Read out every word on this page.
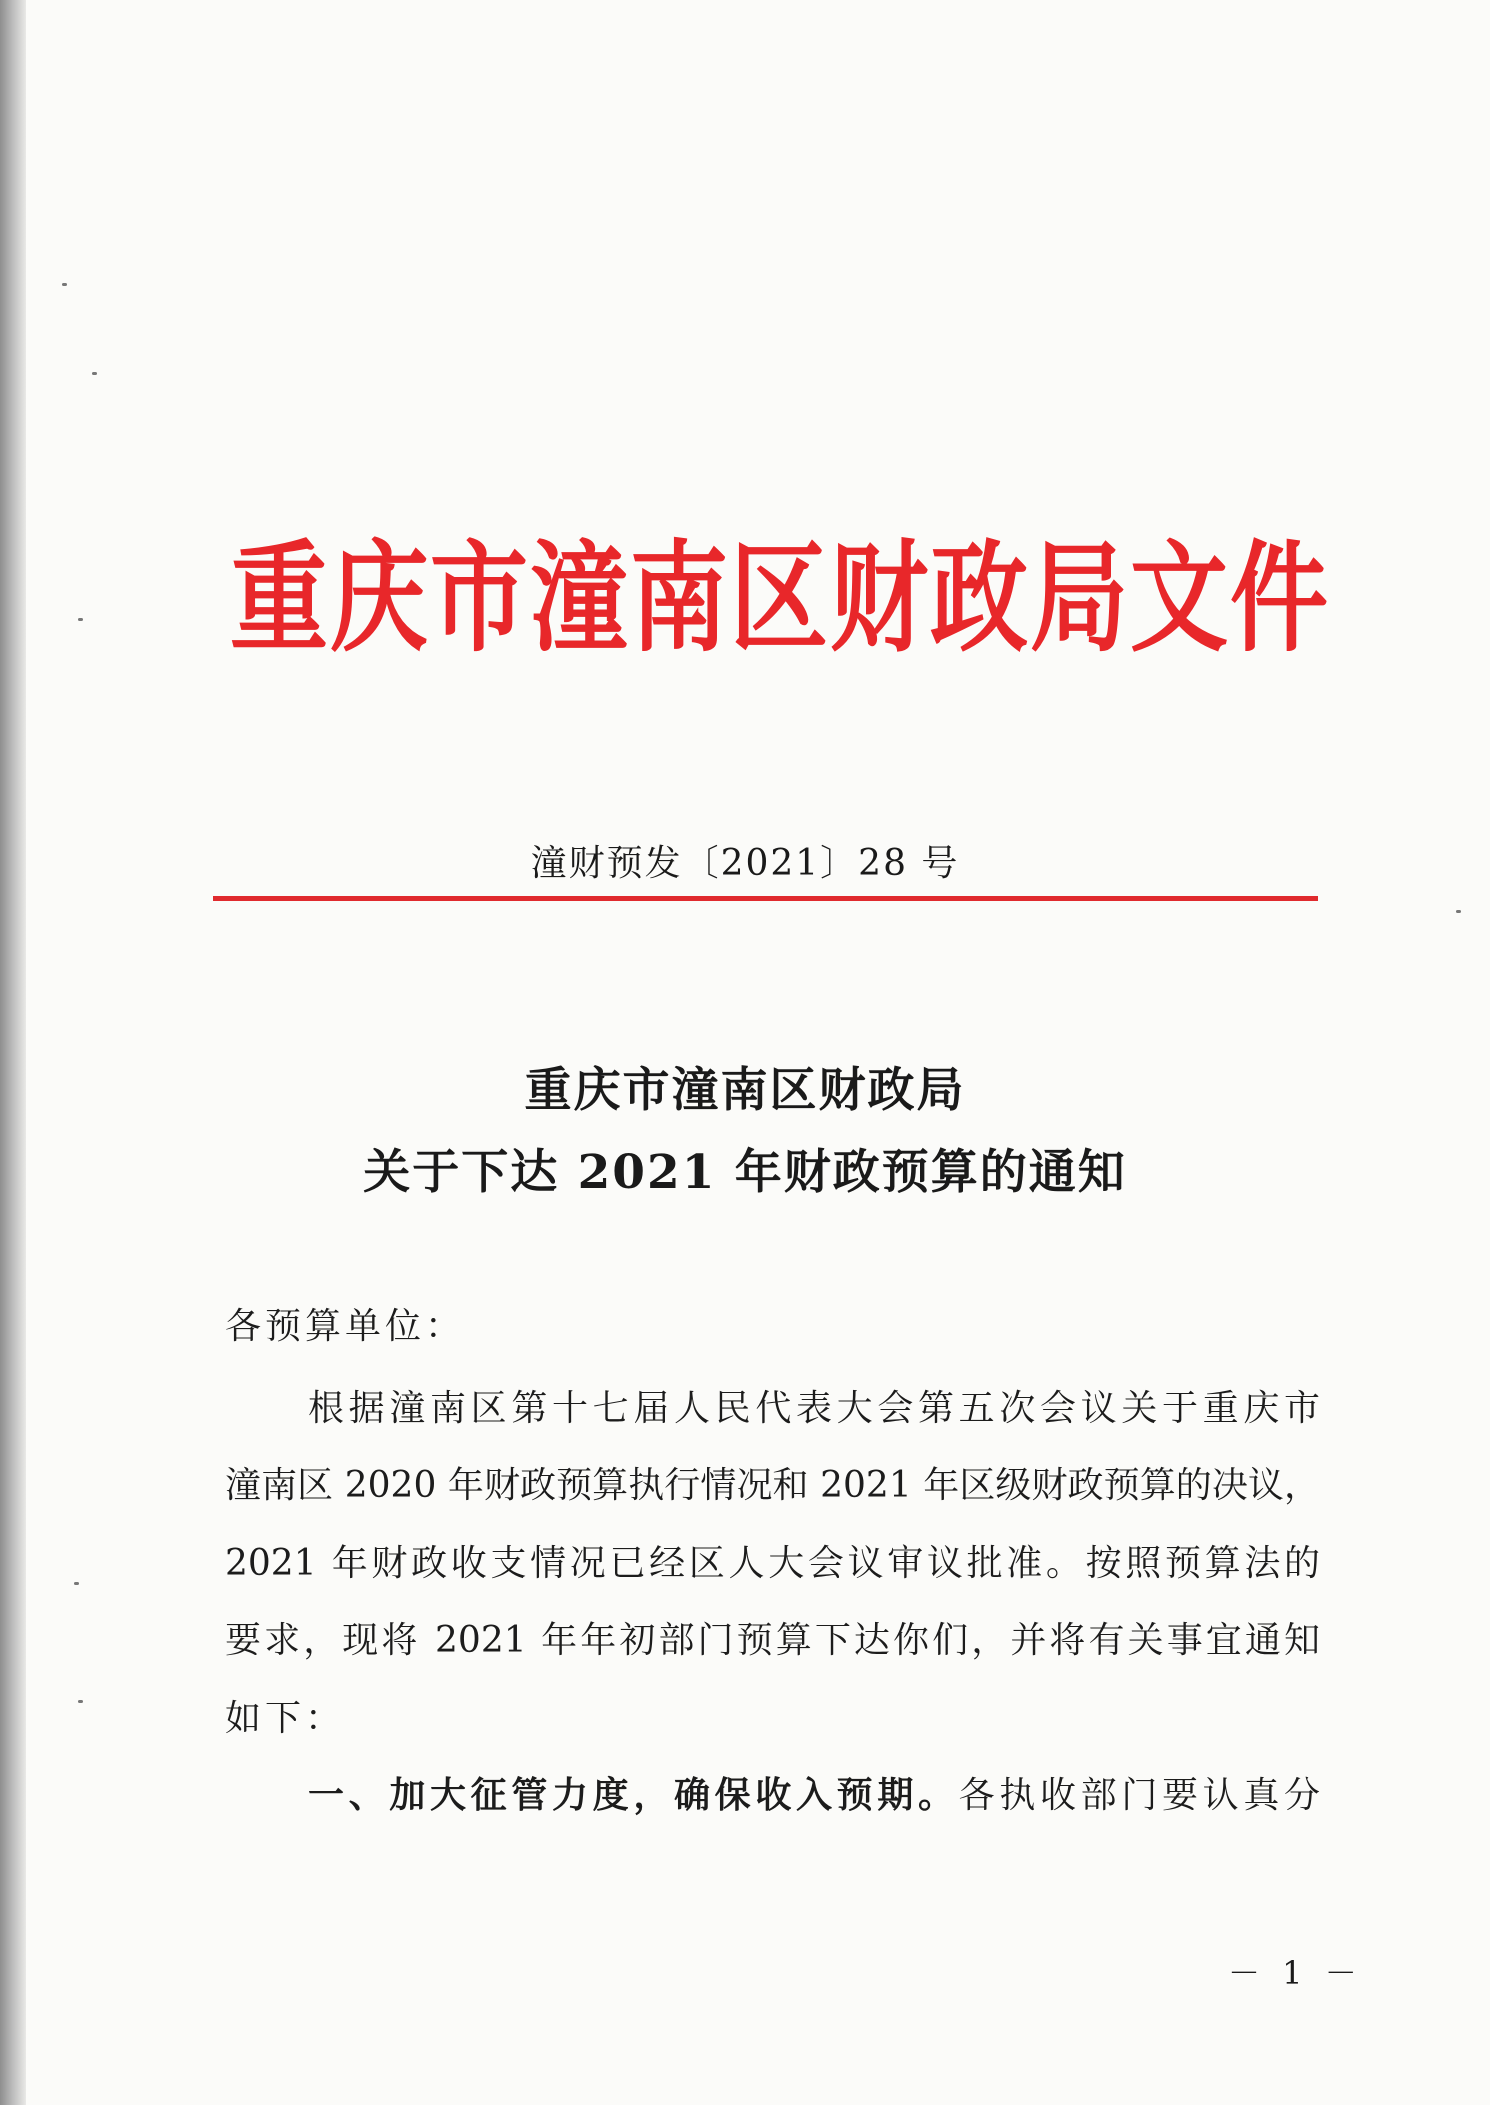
重庆市潼南区财政局文件
潼财预发〔2021〕28 号
重庆市潼南区财政局
关于下达 2021 年财政预算的通知
各预算单位：
根据潼南区第十七届人民代表大会第五次会议关于重庆市
潼南区 2020 年财政预算执行情况和 2021 年区级财政预算的决议，
2021 年财政收支情况已经区人大会议审议批准。按照预算法的
要求，现将 2021 年年初部门预算下达你们，并将有关事宜通知
如下：
一、加大征管力度，确保收入预期。各执收部门要认真分
－ 1 －
